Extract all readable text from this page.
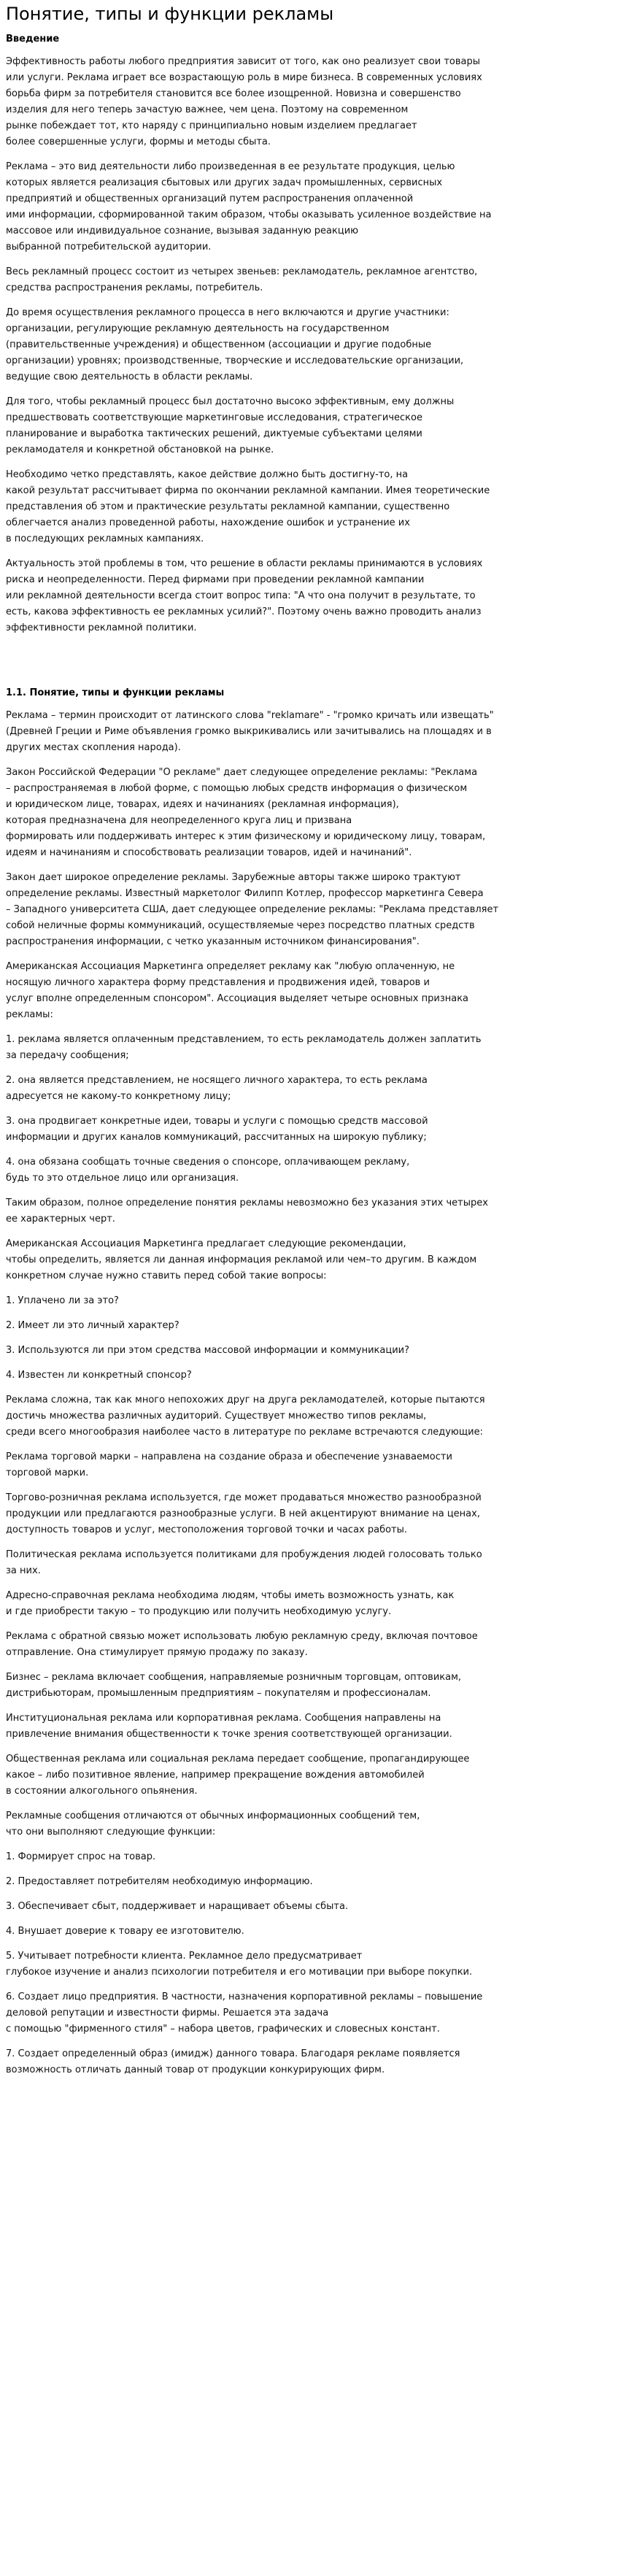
Понятие, типы и функции рекламы
Введение

Эффективность работы любого предприятия зависит от того, как оно реализует свои товары
или услуги. Реклама играет все возрастающую роль в мире бизнеса. В современных условиях
борьба фирм за потребителя становится все более изощренной. Новизна и совершенство
изделия для него теперь зачастую важнее, чем цена. Поэтому на современном
рынке побеждает тот, кто наряду с принципиально новым изделием предлагает
более совершенные услуги, формы и методы сбыта.

Реклама – это вид деятельности либо произведенная в ее результате продукция, целью
которых является реализация сбытовых или других задач промышленных, сервисных
предприятий и общественных организаций путем распространения оплаченной
ими информации, сформированной таким образом, чтобы оказывать усиленное воздействие на
массовое или индивидуальное сознание, вызывая заданную реакцию
выбранной потребительской аудитории.

Весь рекламный процесс состоит из четырех звеньев: рекламодатель, рекламное агентство,
средства распространения рекламы, потребитель.

До время осуществления рекламного процесса в него включаются и другие участники:
организации, регулирующие рекламную деятельность на государственном
(правительственные учреждения) и общественном (ассоциации и другие подобные
организации) уровнях; производственные, творческие и исследовательские организации,
ведущие свою деятельность в области рекламы.

Для того, чтобы рекламный процесс был достаточно высоко эффективным, ему должны
предшествовать соответствующие маркетинговые исследования, стратегическое
планирование и выработка тактических решений, диктуемые субъектами целями
рекламодателя и конкретной обстановкой на рынке.

Необходимо четко представлять, какое действие должно быть достигну-то, на
какой результат рассчитывает фирма по окончании рекламной кампании. Имея теоретические
представления об этом и практические результаты рекламной кампании, существенно
облегчается анализ проведенной работы, нахождение ошибок и устранение их
в последующих рекламных кампаниях.

Актуальность этой проблемы в том, что решение в области рекламы принимаются в условиях
риска и неопределенности. Перед фирмами при проведении рекламной кампании
или рекламной деятельности всегда стоит вопрос типа: "А что она получит в результате, то
есть, какова эффективность ее рекламных усилий?". Поэтому очень важно проводить анализ
эффективности рекламной политики.

1.1. Понятие, типы и функции рекламы

Реклама – термин происходит от латинского слова "reklamare" - "громко кричать или извещать"
(Древней Греции и Риме объявления громко выкрикивались или зачитывались на площадях и в
других местах скопления народа).

Закон Российской Федерации "О рекламе" дает следующее определение рекламы: "Реклама
– распространяемая в любой форме, с помощью любых средств информация о физическом
и юридическом лице, товарах, идеях и начинаниях (рекламная информация),
которая предназначена для неопределенного круга лиц и призвана
формировать или поддерживать интерес к этим физическому и юридическому лицу, товарам,
идеям и начинаниям и способствовать реализации товаров, идей и начинаний".

Закон дает широкое определение рекламы. Зарубежные авторы также широко трактуют
определение рекламы. Известный маркетолог Филипп Котлер, профессор маркетинга Севера
– Западного университета США, дает следующее определение рекламы: "Реклама представляет
собой неличные формы коммуникаций, осуществляемые через посредство платных средств
распространения информации, с четко указанным источником финансирования".

Американская Ассоциация Маркетинга определяет рекламу как "любую оплаченную, не
носящую личного характера форму представления и продвижения идей, товаров и
услуг вполне определенным спонсором". Ассоциация выделяет четыре основных признака
рекламы:

1. реклама является оплаченным представлением, то есть рекламодатель должен заплатить
за передачу сообщения;

2. она является представлением, не носящего личного характера, то есть реклама
адресуется не какому-то конкретному лицу;

3. она продвигает конкретные идеи, товары и услуги с помощью средств массовой
информации и других каналов коммуникаций, рассчитанных на широкую публику;

4. она обязана сообщать точные сведения о спонсоре, оплачивающем рекламу,
будь то это отдельное лицо или организация.

Таким образом, полное определение понятия рекламы невозможно без указания этих четырех
ее характерных черт.

Американская Ассоциация Маркетинга предлагает следующие рекомендации,
чтобы определить, является ли данная информация рекламой или чем–то другим. В каждом
конкретном случае нужно ставить перед собой такие вопросы:

1. Уплачено ли за это?

2. Имеет ли это личный характер?

3. Используются ли при этом средства массовой информации и коммуникации?

4. Известен ли конкретный спонсор?

Реклама сложна, так как много непохожих друг на друга рекламодателей, которые пытаются
достичь множества различных аудиторий. Существует множество типов рекламы,
среди всего многообразия наиболее часто в литературе по рекламе встречаются следующие:

Реклама торговой марки – направлена на создание образа и обеспечение узнаваемости
торговой марки.

Торгово-розничная реклама используется, где может продаваться множество разнообразной
продукции или предлагаются разнообразные услуги. В ней акцентируют внимание на ценах,
доступность товаров и услуг, местоположения торговой точки и часах работы.

Политическая реклама используется политиками для пробуждения людей голосовать только
за них.

Адресно-справочная реклама необходима людям, чтобы иметь возможность узнать, как
и где приобрести такую – то продукцию или получить необходимую услугу.

Реклама с обратной связью может использовать любую рекламную среду, включая почтовое
отправление. Она стимулирует прямую продажу по заказу.

Бизнес – реклама включает сообщения, направляемые розничным торговцам, оптовикам,
дистрибьюторам, промышленным предприятиям – покупателям и профессионалам.

Институциональная реклама или корпоративная реклама. Сообщения направлены на
привлечение внимания общественности к точке зрения соответствующей организации.

Общественная реклама или социальная реклама передает сообщение, пропагандирующее
какое – либо позитивное явление, например прекращение вождения автомобилей
в состоянии алкогольного опьянения.

Рекламные сообщения отличаются от обычных информационных сообщений тем,
что они выполняют следующие функции:

1. Формирует спрос на товар.

2. Предоставляет потребителям необходимую информацию.

3. Обеспечивает сбыт, поддерживает и наращивает объемы сбыта.

4. Внушает доверие к товару ее изготовителю.

5. Учитывает потребности клиента. Рекламное дело предусматривает
глубокое изучение и анализ психологии потребителя и его мотивации при выборе покупки.

6. Создает лицо предприятия. В частности, назначения корпоративной рекламы – повышение
деловой репутации и известности фирмы. Решается эта задача
с помощью "фирменного стиля" – набора цветов, графических и словесных констант.

7. Создает определенный образ (имидж) данного товара. Благодаря рекламе появляется
возможность отличать данный товар от продукции конкурирующих фирм.
